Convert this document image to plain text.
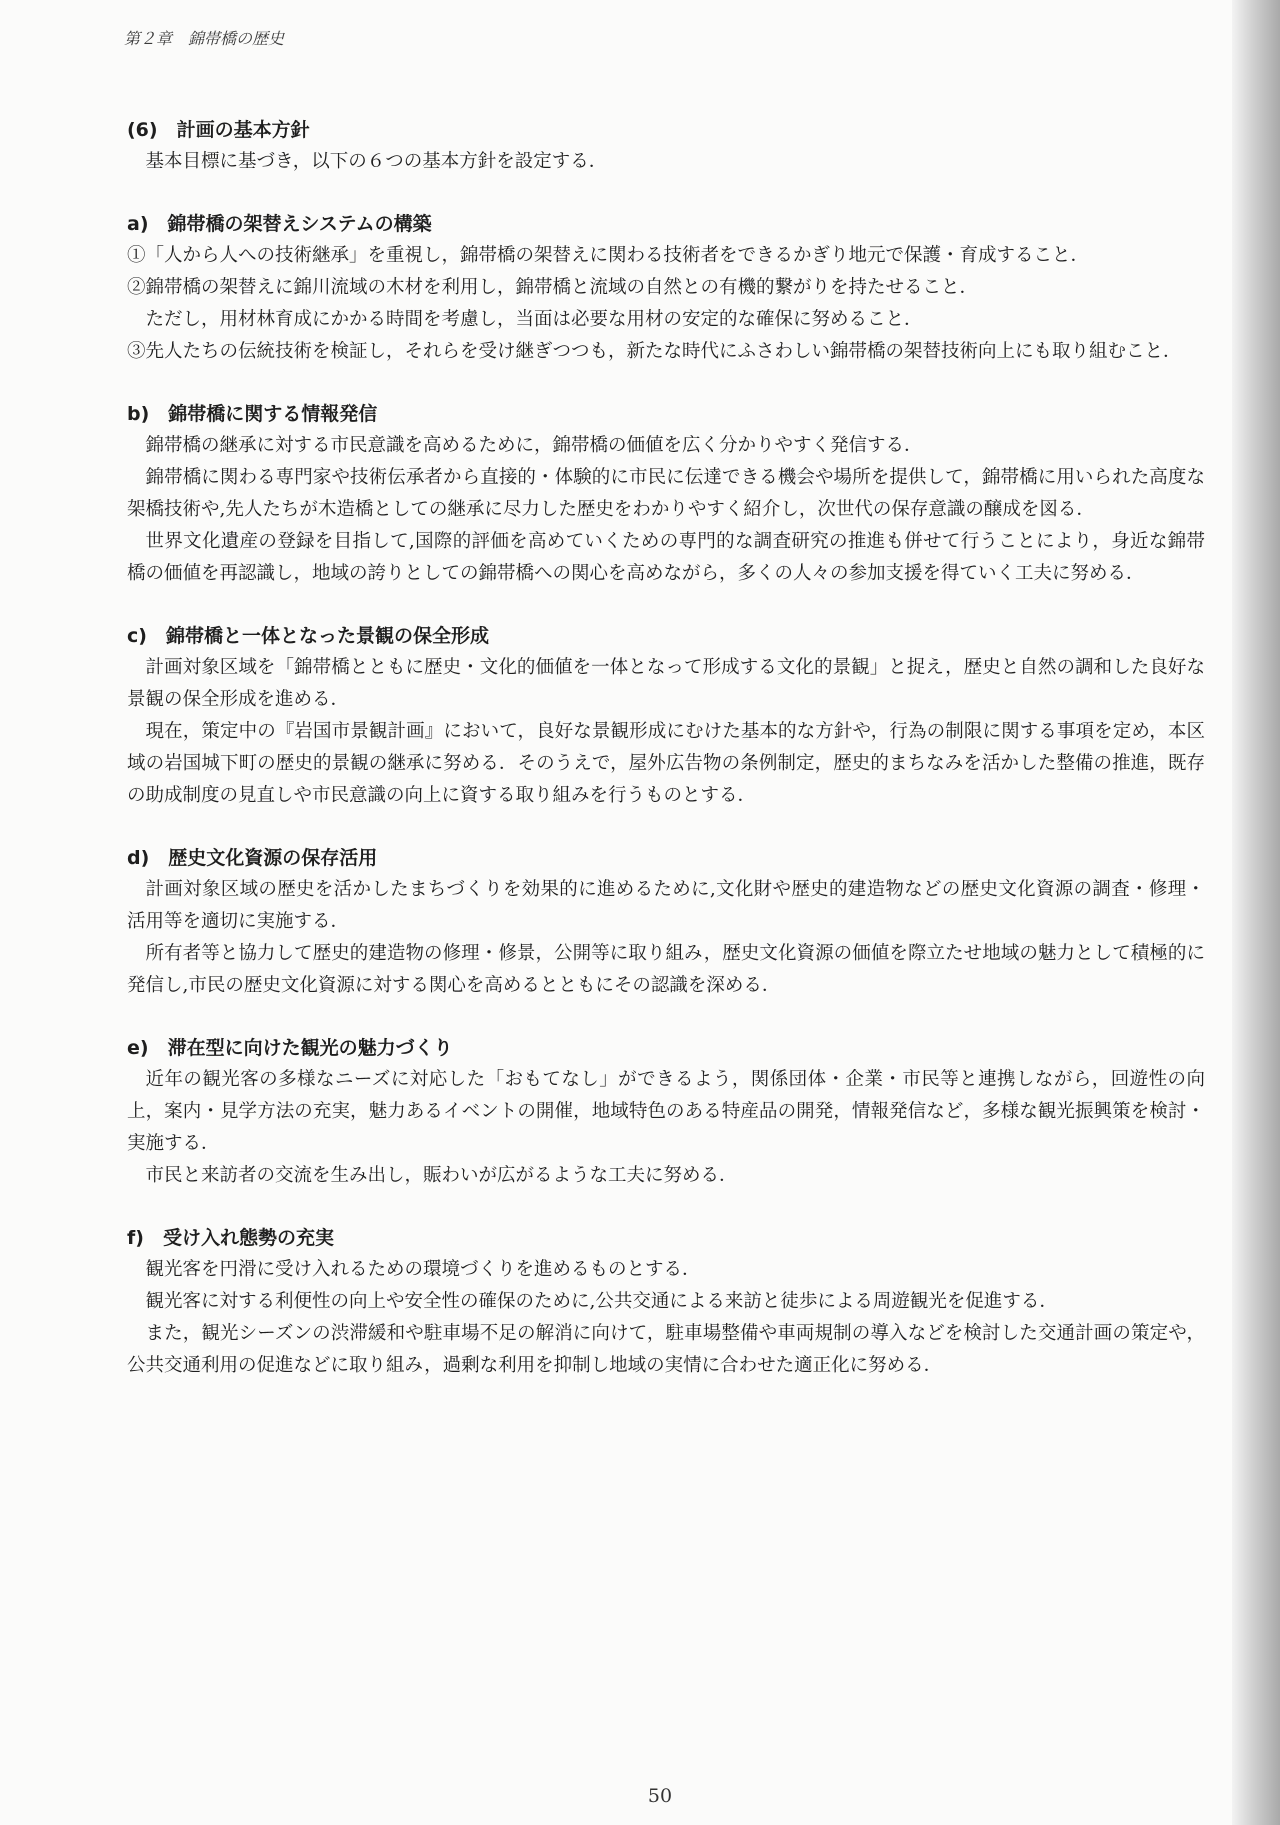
第２章　錦帯橋の歴史
(6)　計画の基本方針

基本目標に基づき，以下の６つの基本方針を設定する．

a)　錦帯橋の架替えシステムの構築

①「人から人への技術継承」を重視し，錦帯橋の架替えに関わる技術者をできるかぎり地元で保護・育成すること．

②錦帯橋の架替えに錦川流域の木材を利用し，錦帯橋と流域の自然との有機的繋がりを持たせること．

ただし，用材林育成にかかる時間を考慮し，当面は必要な用材の安定的な確保に努めること．

③先人たちの伝統技術を検証し，それらを受け継ぎつつも，新たな時代にふさわしい錦帯橋の架替技術向上にも取り組むこと．

b)　錦帯橋に関する情報発信

錦帯橋の継承に対する市民意識を高めるために，錦帯橋の価値を広く分かりやすく発信する．

錦帯橋に関わる専門家や技術伝承者から直接的・体験的に市民に伝達できる機会や場所を提供して，錦帯橋に用いられた高度な架橋技術や,先人たちが木造橋としての継承に尽力した歴史をわかりやすく紹介し，次世代の保存意識の醸成を図る．

世界文化遺産の登録を目指して,国際的評価を高めていくための専門的な調査研究の推進も併せて行うことにより，身近な錦帯橋の価値を再認識し，地域の誇りとしての錦帯橋への関心を高めながら，多くの人々の参加支援を得ていく工夫に努める．

c)　錦帯橋と一体となった景観の保全形成

計画対象区域を「錦帯橋とともに歴史・文化的価値を一体となって形成する文化的景観」と捉え，歴史と自然の調和した良好な景観の保全形成を進める．

現在，策定中の『岩国市景観計画』において，良好な景観形成にむけた基本的な方針や，行為の制限に関する事項を定め，本区域の岩国城下町の歴史的景観の継承に努める．そのうえで，屋外広告物の条例制定，歴史的まちなみを活かした整備の推進，既存の助成制度の見直しや市民意識の向上に資する取り組みを行うものとする．

d)　歴史文化資源の保存活用

計画対象区域の歴史を活かしたまちづくりを効果的に進めるために,文化財や歴史的建造物などの歴史文化資源の調査・修理・活用等を適切に実施する．

所有者等と協力して歴史的建造物の修理・修景，公開等に取り組み，歴史文化資源の価値を際立たせ地域の魅力として積極的に発信し,市民の歴史文化資源に対する関心を高めるとともにその認識を深める．

e)　滞在型に向けた観光の魅力づくり

近年の観光客の多様なニーズに対応した「おもてなし」ができるよう，関係団体・企業・市民等と連携しながら，回遊性の向上，案内・見学方法の充実，魅力あるイベントの開催，地域特色のある特産品の開発，情報発信など，多様な観光振興策を検討・実施する．

市民と来訪者の交流を生み出し，賑わいが広がるような工夫に努める．

f)　受け入れ態勢の充実

観光客を円滑に受け入れるための環境づくりを進めるものとする．

観光客に対する利便性の向上や安全性の確保のために,公共交通による来訪と徒歩による周遊観光を促進する．

また，観光シーズンの渋滞緩和や駐車場不足の解消に向けて，駐車場整備や車両規制の導入などを検討した交通計画の策定や，公共交通利用の促進などに取り組み，過剰な利用を抑制し地域の実情に合わせた適正化に努める．

50
